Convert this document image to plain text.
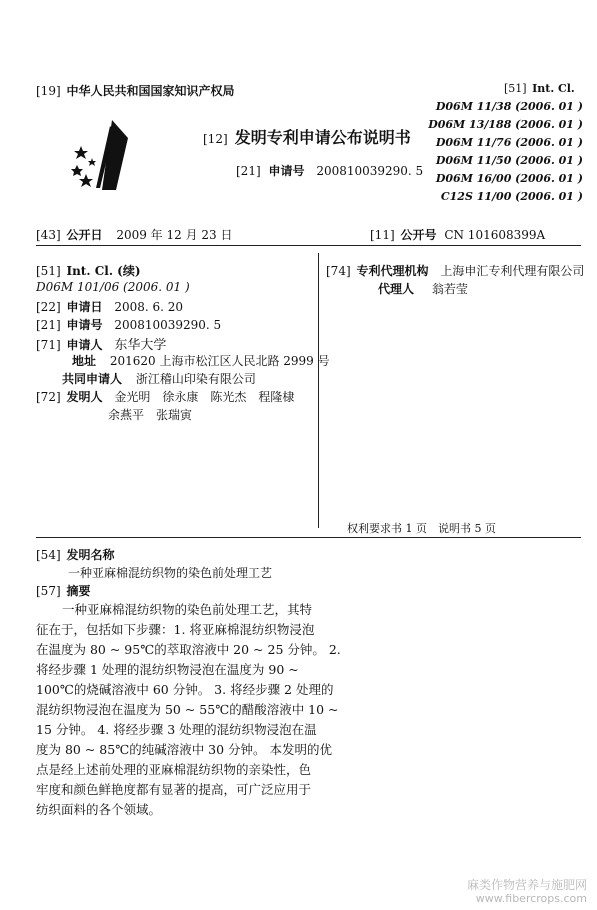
[19] 中华人民共和国国家知识产权局
[12] 发明专利申请公布说明书
[21] 申请号 200810039290. 5
[51] Int. Cl.
D06M 11/38 (2006. 01 )
D06M 13/188 (2006. 01 )
D06M 11/76 (2006. 01 )
D06M 11/50 (2006. 01 )
D06M 16/00 (2006. 01 )
C12S 11/00 (2006. 01 )
[43] 公开日 2009 年 12 月 23 日	[11] 公开号 CN 101608399A
[51] Int. Cl. (续)
D06M 101/06 (2006. 01 )
[22] 申请日 2008. 6. 20
[21] 申请号 200810039290. 5
[71] 申请人 东华大学
地址 201620 上海市松江区人民北路 2999 号
共同申请人 浙江稽山印染有限公司
[72] 发明人 金光明　徐永康　陈光杰　程隆棣
余燕平　张瑞寅
[74] 专利代理机构 上海申汇专利代理有限公司
代理人 翁若莹
权利要求书 1 页　说明书 5 页
[54] 发明名称
一种亚麻棉混纺织物的染色前处理工艺
[57] 摘要
一种亚麻棉混纺织物的染色前处理工艺，其特
征在于，包括如下步骤：1. 将亚麻棉混纺织物浸泡
在温度为 80 ~ 95℃的萃取溶液中 20 ~ 25 分钟。 2.
将经步骤 1 处理的混纺织物浸泡在温度为 90 ~
100℃的烧碱溶液中 60 分钟。 3. 将经步骤 2 处理的
混纺织物浸泡在温度为 50 ~ 55℃的醋酸溶液中 10 ~
15 分钟。 4. 将经步骤 3 处理的混纺织物浸泡在温
度为 80 ~ 85℃的纯碱溶液中 30 分钟。 本发明的优
点是经上述前处理的亚麻棉混纺织物的亲染性，色
牢度和颜色鲜艳度都有显著的提高，可广泛应用于
纺织面料的各个领域。
麻类作物营养与施肥网
www.fibercrops.com
